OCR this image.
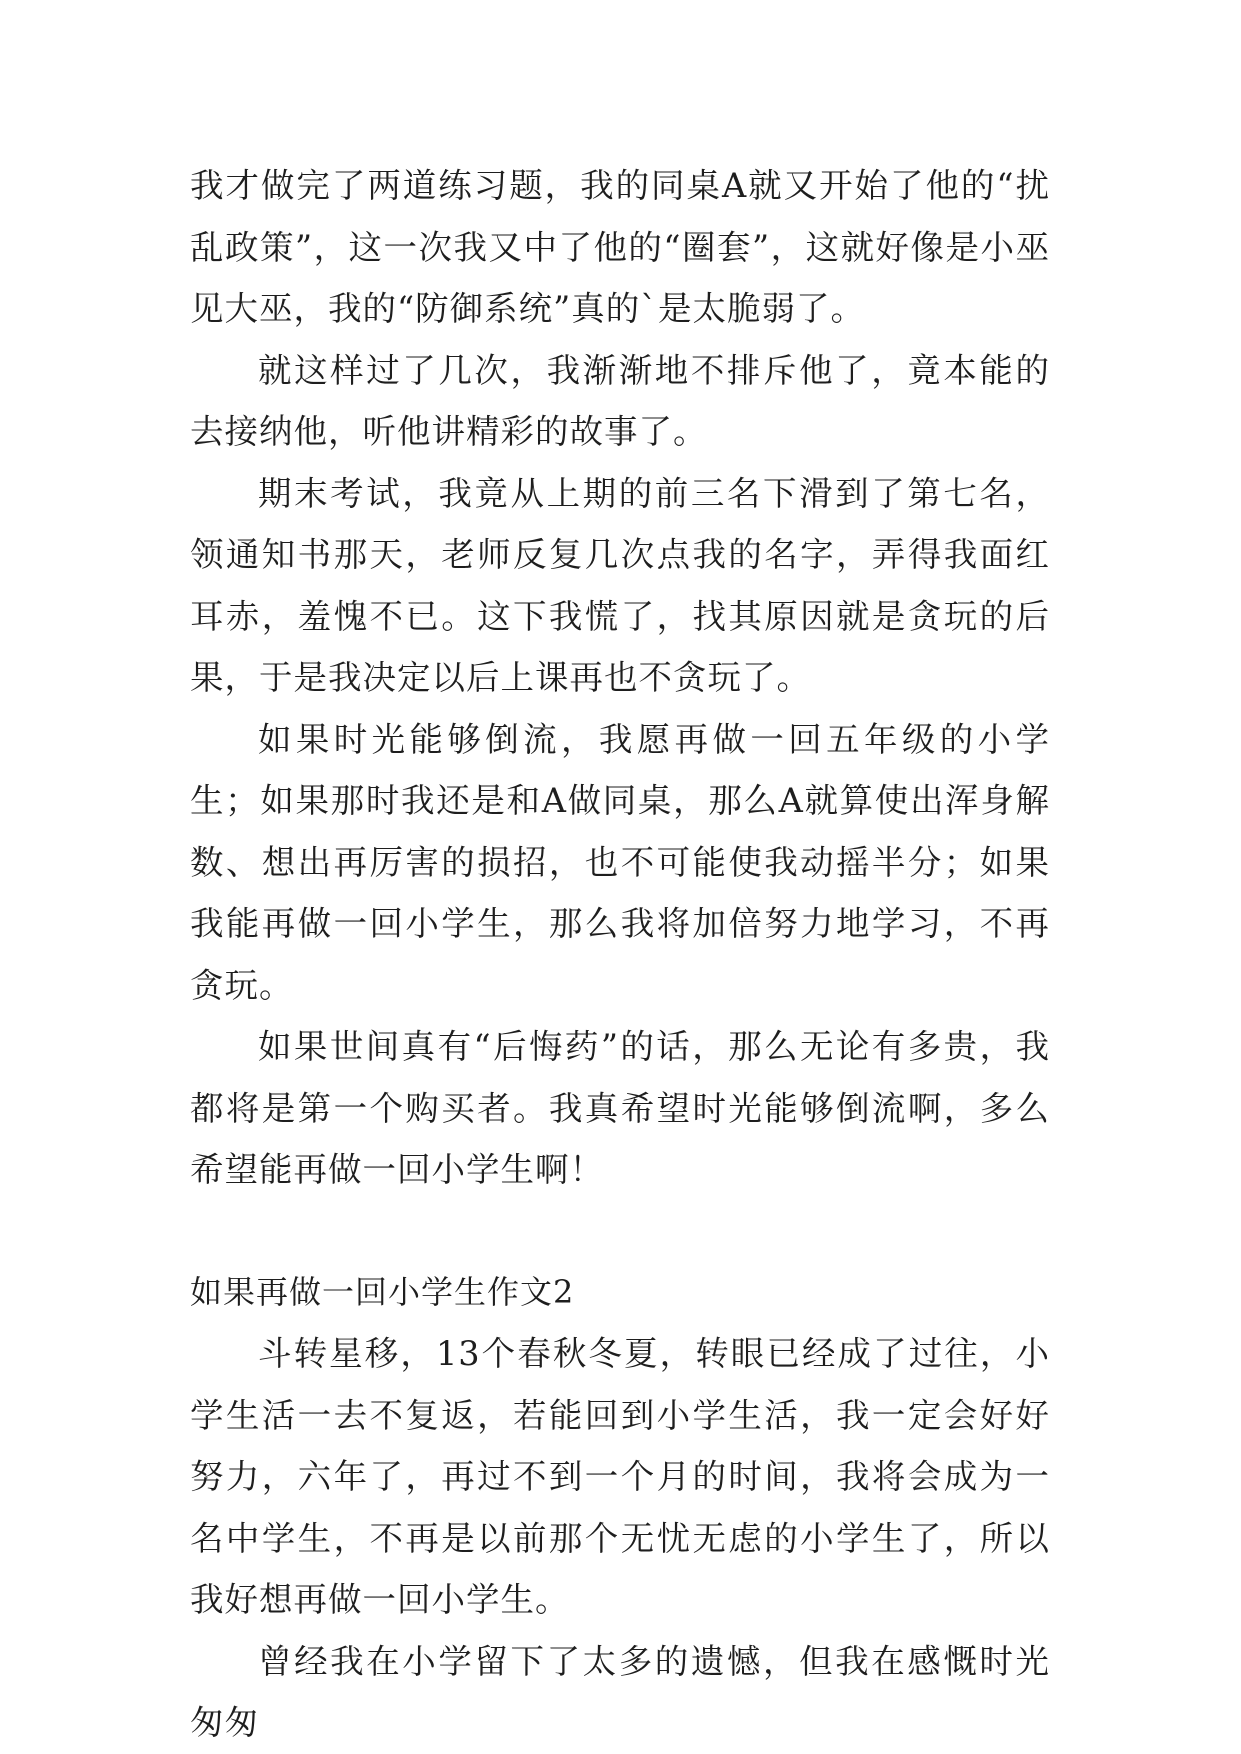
我才做完了两道练习题，我的同桌A就又开始了他的“扰乱政策”，这一次我又中了他的“圈套”，这就好像是小巫见大巫，我的“防御系统”真的`是太脆弱了。

就这样过了几次，我渐渐地不排斥他了，竟本能的去接纳他，听他讲精彩的故事了。

期末考试，我竟从上期的前三名下滑到了第七名，领通知书那天，老师反复几次点我的名字，弄得我面红耳赤，羞愧不已。这下我慌了，找其原因就是贪玩的后果，于是我决定以后上课再也不贪玩了。

如果时光能够倒流，我愿再做一回五年级的小学生；如果那时我还是和A做同桌，那么A就算使出浑身解数、想出再厉害的损招，也不可能使我动摇半分；如果我能再做一回小学生，那么我将加倍努力地学习，不再贪玩。

如果世间真有“后悔药”的话，那么无论有多贵，我都将是第一个购买者。我真希望时光能够倒流啊，多么希望能再做一回小学生啊！

如果再做一回小学生作文2

斗转星移，13个春秋冬夏，转眼已经成了过往，小学生活一去不复返，若能回到小学生活，我一定会好好努力，六年了，再过不到一个月的时间，我将会成为一名中学生，不再是以前那个无忧无虑的小学生了，所以我好想再做一回小学生。

曾经我在小学留下了太多的遗憾，但我在感慨时光匆匆
